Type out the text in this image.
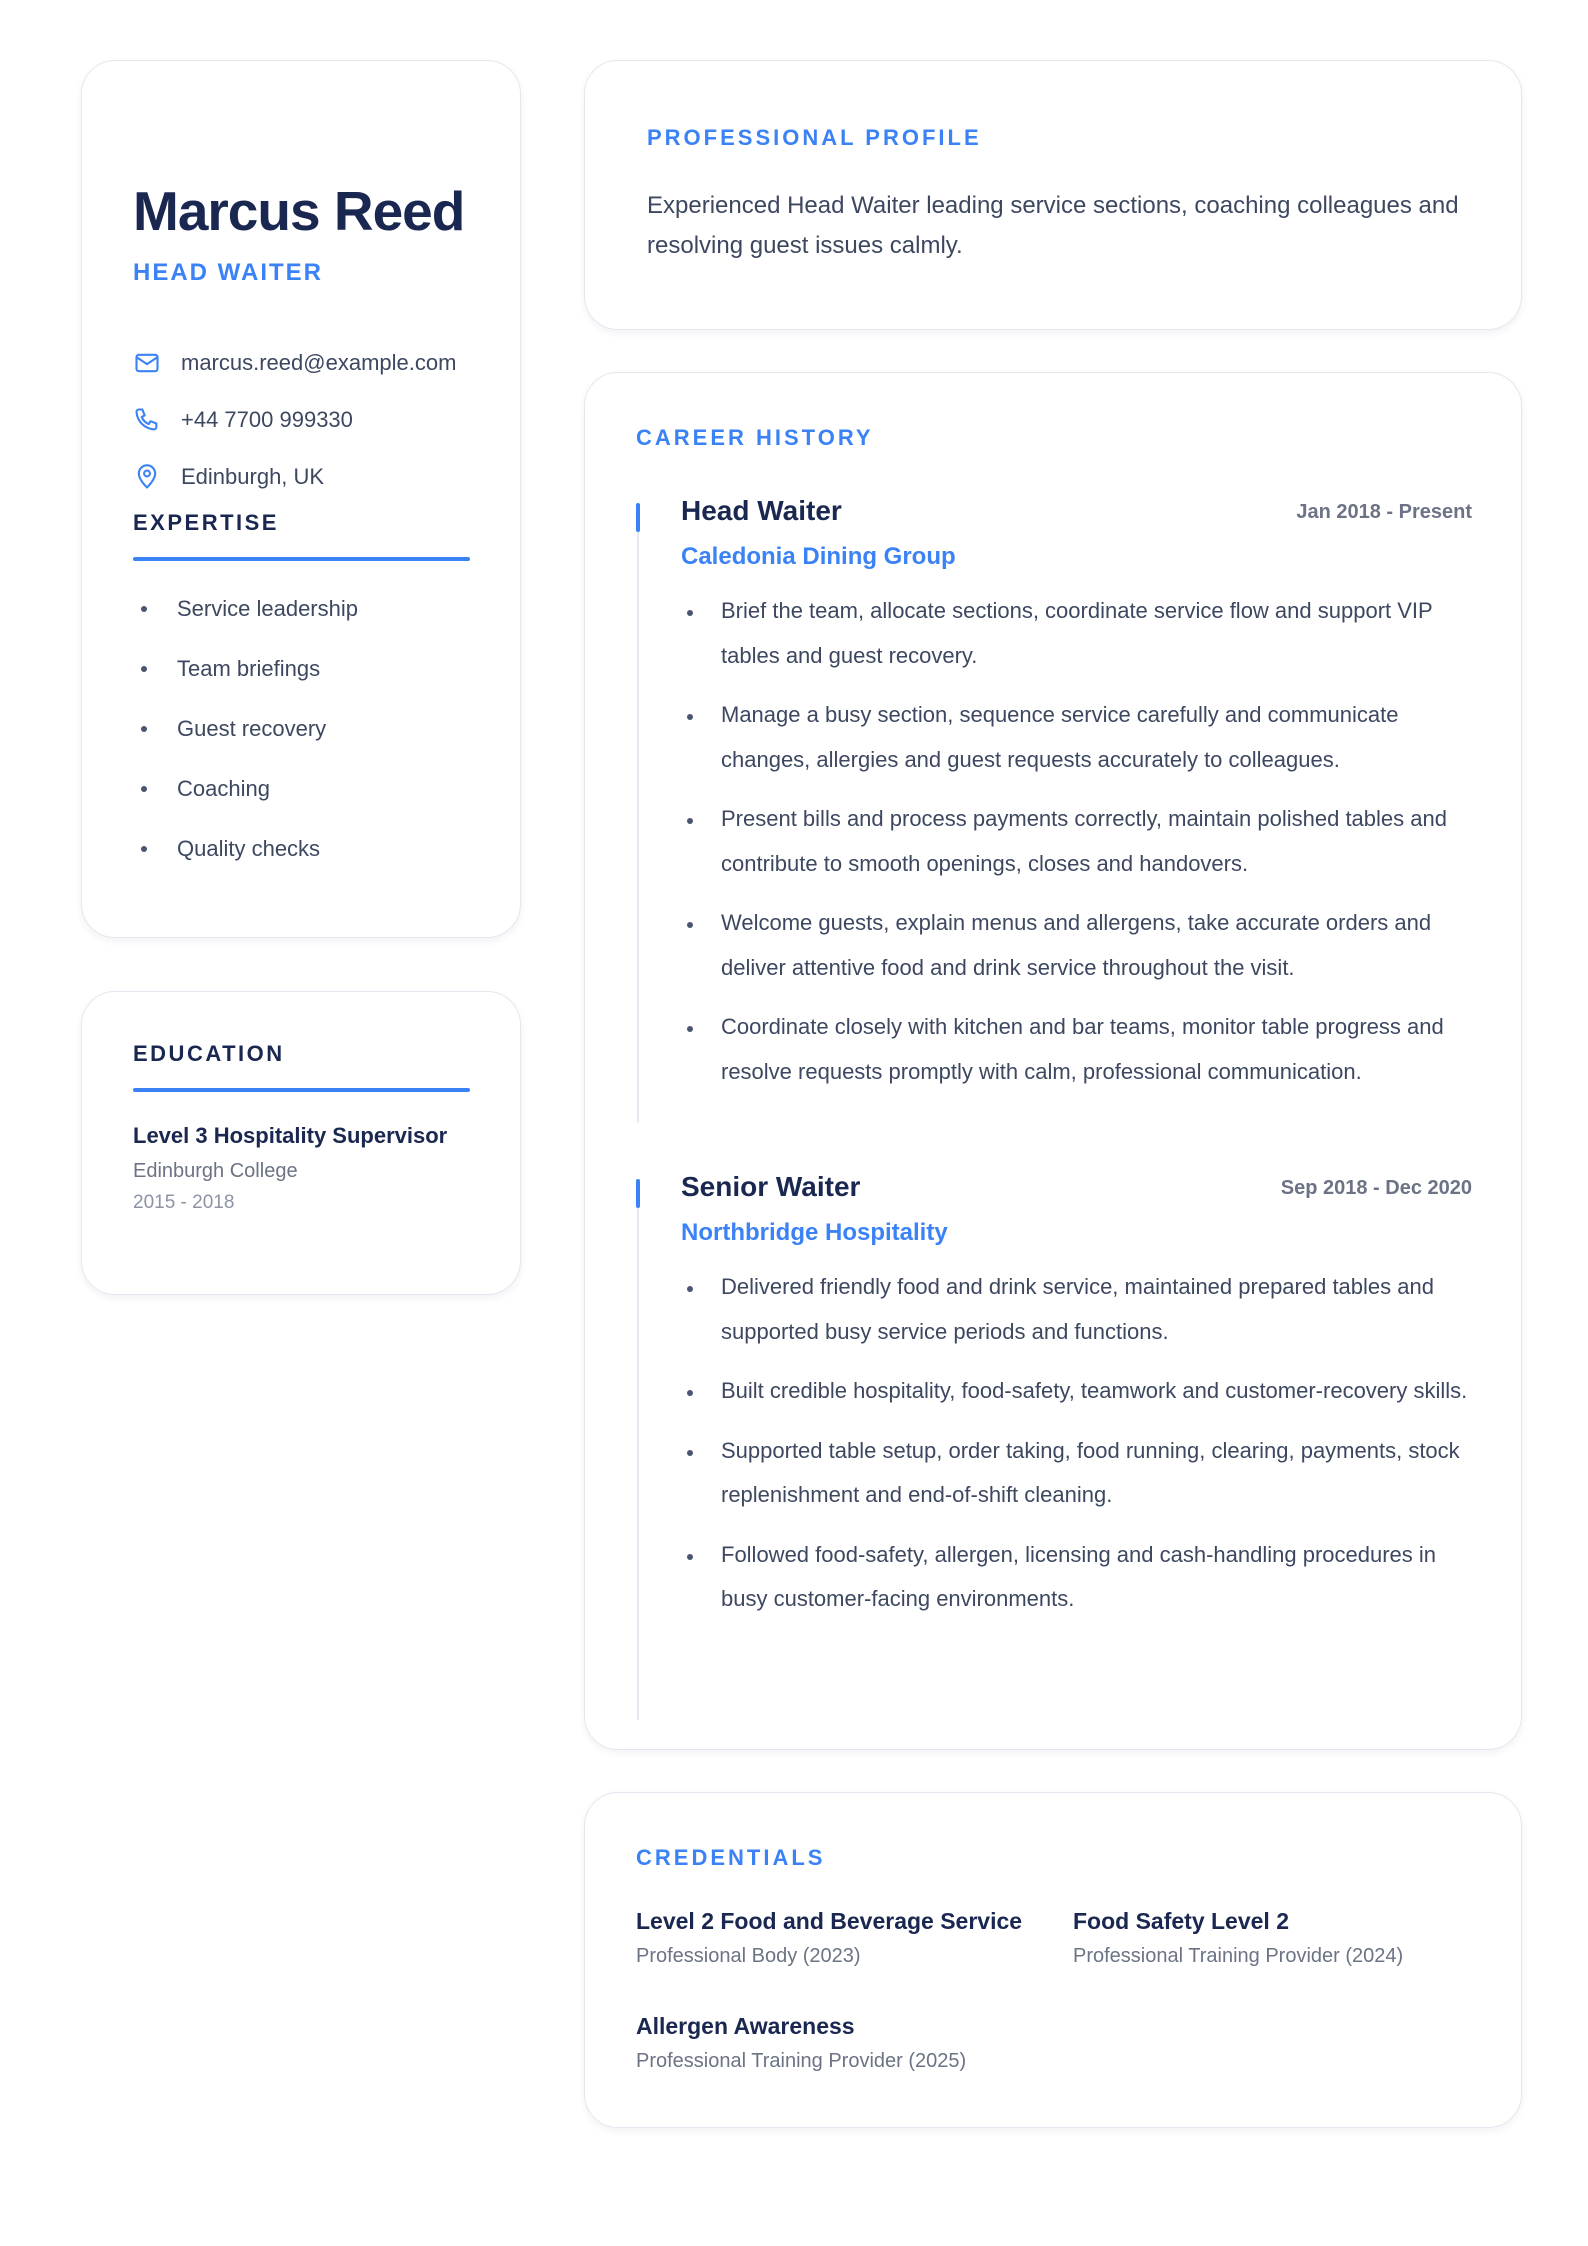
Marcus Reed
HEAD WAITER
marcus.reed@example.com
+44 7700 999330
Edinburgh, UK
EXPERTISE
Service leadership
Team briefings
Guest recovery
Coaching
Quality checks
EDUCATION
Level 3 Hospitality Supervisor
Edinburgh College
2015 - 2018
PROFESSIONAL PROFILE
Experienced Head Waiter leading service sections, coaching colleagues and resolving guest issues calmly.
CAREER HISTORY
Head Waiter	Jan 2018 - Present
Caledonia Dining Group
Brief the team, allocate sections, coordinate service flow and support VIP tables and guest recovery.
Manage a busy section, sequence service carefully and communicate changes, allergies and guest requests accurately to colleagues.
Present bills and process payments correctly, maintain polished tables and contribute to smooth openings, closes and handovers.
Welcome guests, explain menus and allergens, take accurate orders and deliver attentive food and drink service throughout the visit.
Coordinate closely with kitchen and bar teams, monitor table progress and resolve requests promptly with calm, professional communication.
Senior Waiter	Sep 2018 - Dec 2020
Northbridge Hospitality
Delivered friendly food and drink service, maintained prepared tables and supported busy service periods and functions.
Built credible hospitality, food-safety, teamwork and customer-recovery skills.
Supported table setup, order taking, food running, clearing, payments, stock replenishment and end-of-shift cleaning.
Followed food-safety, allergen, licensing and cash-handling procedures in busy customer-facing environments.
CREDENTIALS
Level 2 Food and Beverage Service
Professional Body (2023)
Food Safety Level 2
Professional Training Provider (2024)
Allergen Awareness
Professional Training Provider (2025)
